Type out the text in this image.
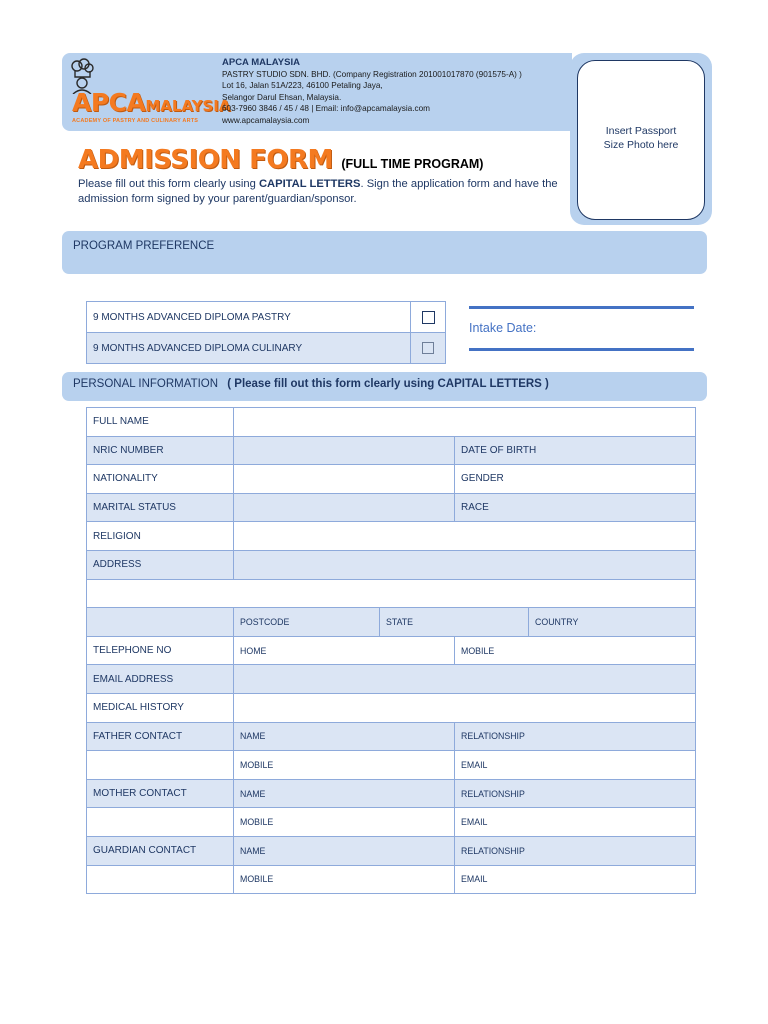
APCAMALAYSIA
ACADEMY OF PASTRY AND CULINARY ARTS
APCA MALAYSIA
PASTRY STUDIO SDN. BHD. (Company Registration 201001017870 (901575-A) )
Lot 16, Jalan 51A/223, 46100 Petaling Jaya,
Selangor Darul Ehsan, Malaysia.
603-7960 3846 / 45 / 48 | Email: info@apcamalaysia.com
www.apcamalaysia.com
Insert Passport
Size Photo here
ADMISSION FORM (FULL TIME PROGRAM)
Please fill out this form clearly using CAPITAL LETTERS. Sign the application form and have the admission form signed by your parent/guardian/sponsor.
PROGRAM PREFERENCE
9 MONTHS ADVANCED DIPLOMA PASTRY	
9 MONTHS ADVANCED DIPLOMA CULINARY	
Intake Date:
PERSONAL INFORMATION ( Please fill out this form clearly using CAPITAL LETTERS )
FULL NAME				
NRIC NUMBER			DATE OF BIRTH	
NATIONALITY			GENDER	
MARITAL STATUS			RACE	
RELIGION				
ADDRESS				

	POSTCODE	STATE		COUNTRY
TELEPHONE NO	HOME		MOBILE	
EMAIL ADDRESS				
MEDICAL HISTORY				
FATHER CONTACT	NAME		RELATIONSHIP	
	MOBILE		EMAIL	
MOTHER CONTACT	NAME		RELATIONSHIP	
	MOBILE		EMAIL	
GUARDIAN CONTACT	NAME		RELATIONSHIP	
	MOBILE		EMAIL	
